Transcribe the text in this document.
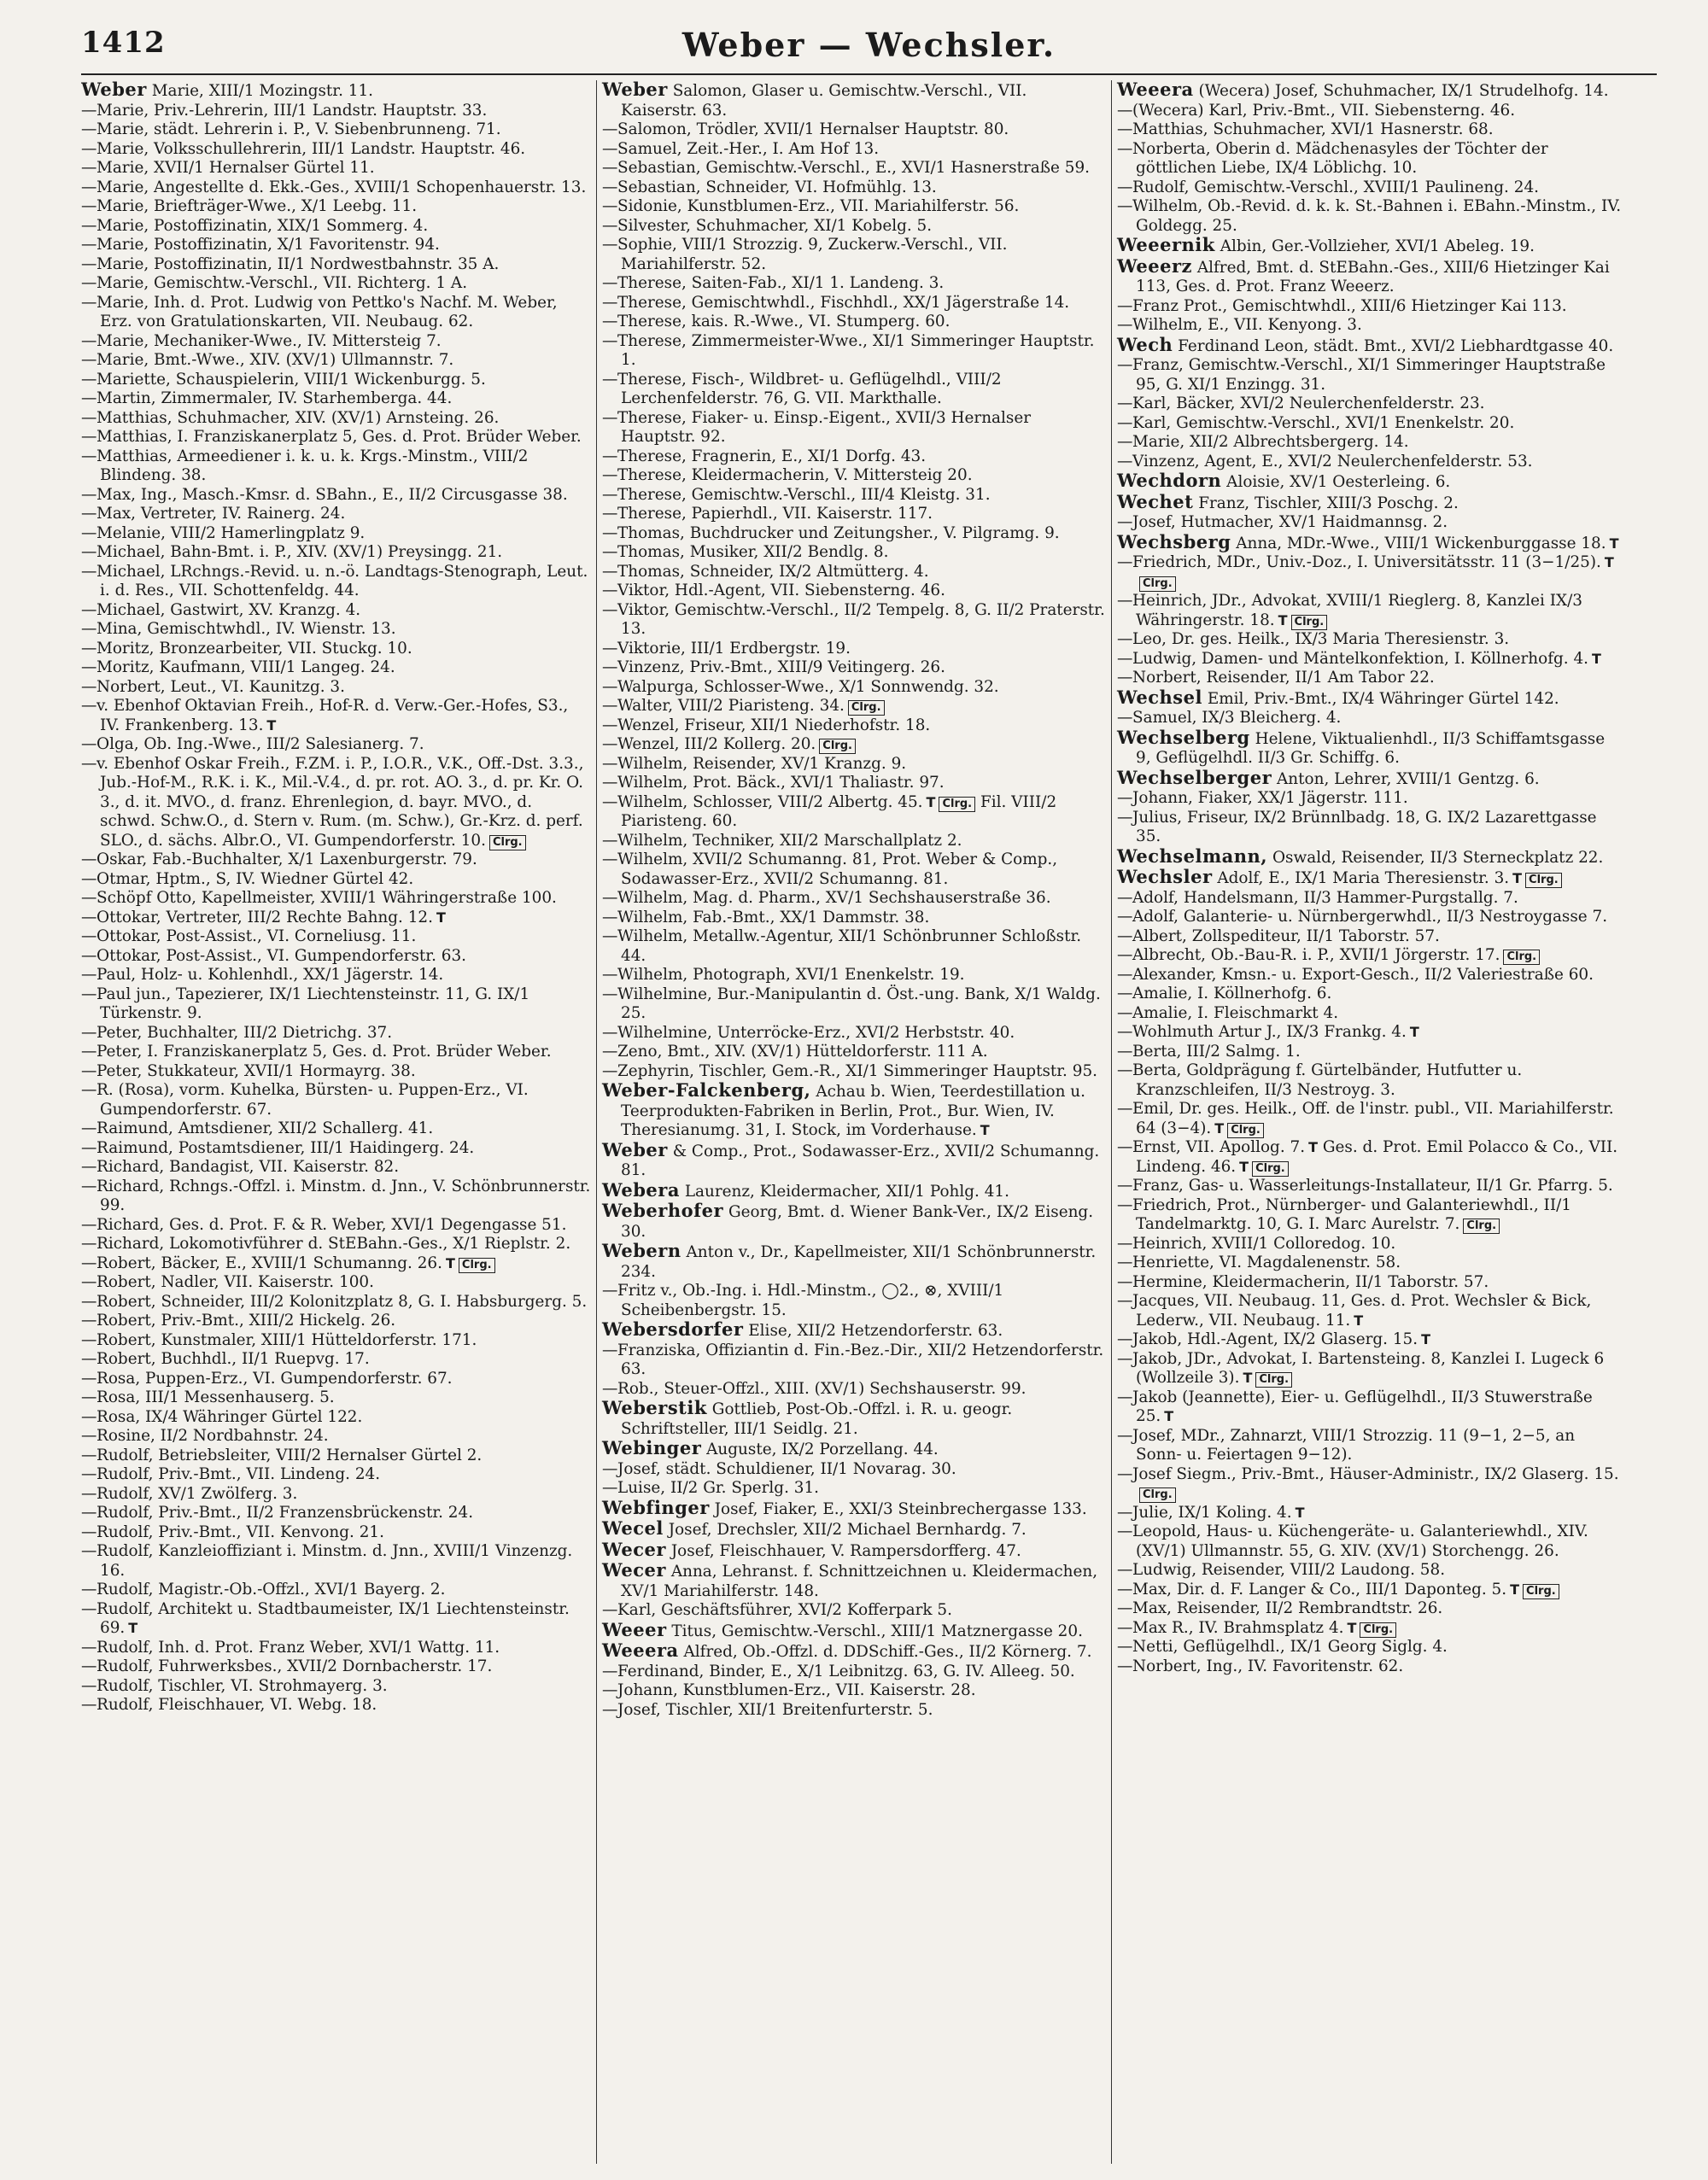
1412	Weber — Wechsler.

Weber Marie, XIII/1 Mozingstr. 11.

—Marie, Priv.-Lehrerin, III/1 Landstr. Hauptstr. 33.

—Marie, städt. Lehrerin i. P., V. Siebenbrunneng. 71.

—Marie, Volksschullehrerin, III/1 Landstr. Hauptstr. 46.

—Marie, XVII/1 Hernalser Gürtel 11.

—Marie, Angestellte d. Ekk.-Ges., XVIII/1 Schopenhauerstr. 13.

—Marie, Briefträger-Wwe., X/1 Leebg. 11.

—Marie, Postoffizinatin, XIX/1 Sommerg. 4.

—Marie, Postoffizinatin, X/1 Favoritenstr. 94.

—Marie, Postoffizinatin, II/1 Nordwestbahnstr. 35 A.

—Marie, Gemischtw.-Verschl., VII. Richterg. 1 A.

—Marie, Inh. d. Prot. Ludwig von Pettko's Nachf. M. Weber, Erz. von Gratulationskarten, VII. Neubaug. 62.

—Marie, Mechaniker-Wwe., IV. Mittersteig 7.

—Marie, Bmt.-Wwe., XIV. (XV/1) Ullmannstr. 7.

—Mariette, Schauspielerin, VIII/1 Wickenburgg. 5.

—Martin, Zimmermaler, IV. Starhemberga. 44.

—Matthias, Schuhmacher, XIV. (XV/1) Arnsteing. 26.

—Matthias, I. Franziskanerplatz 5, Ges. d. Prot. Brüder Weber.

—Matthias, Armeediener i. k. u. k. Krgs.-Minstm., VIII/2 Blindeng. 38.

—Max, Ing., Masch.-Kmsr. d. SBahn., E., II/2 Circusgasse 38.

—Max, Vertreter, IV. Rainerg. 24.

—Melanie, VIII/2 Hamerlingplatz 9.

—Michael, Bahn-Bmt. i. P., XIV. (XV/1) Preysingg. 21.

—Michael, LRchngs.-Revid. u. n.-ö. Landtags-Stenograph, Leut. i. d. Res., VII. Schottenfeldg. 44.

—Michael, Gastwirt, XV. Kranzg. 4.

—Mina, Gemischtwhdl., IV. Wienstr. 13.

—Moritz, Bronzearbeiter, VII. Stuckg. 10.

—Moritz, Kaufmann, VIII/1 Langeg. 24.

—Norbert, Leut., VI. Kaunitzg. 3.

—v. Ebenhof Oktavian Freih., Hof-R. d. Verw.-Ger.-Hofes, S3., IV. Frankenberg. 13. T

—Olga, Ob. Ing.-Wwe., III/2 Salesianerg. 7.

—v. Ebenhof Oskar Freih., F.ZM. i. P., I.O.R., V.K., Off.-Dst. 3.3., Jub.-Hof-M., R.K. i. K., Mil.-V.4., d. pr. rot. AO. 3., d. pr. Kr. O. 3., d. it. MVO., d. franz. Ehrenlegion, d. bayr. MVO., d. schwd. Schw.O., d. Stern v. Rum. (m. Schw.), Gr.-Krz. d. perf. SLO., d. sächs. Albr.O., VI. Gumpendorferstr. 10. Clrg.

—Oskar, Fab.-Buchhalter, X/1 Laxenburgerstr. 79.

—Otmar, Hptm., S, IV. Wiedner Gürtel 42.

—Schöpf Otto, Kapellmeister, XVIII/1 Währingerstraße 100.

—Ottokar, Vertreter, III/2 Rechte Bahng. 12. T

—Ottokar, Post-Assist., VI. Corneliusg. 11.

—Ottokar, Post-Assist., VI. Gumpendorferstr. 63.

—Paul, Holz- u. Kohlenhdl., XX/1 Jägerstr. 14.

—Paul jun., Tapezierer, IX/1 Liechtensteinstr. 11, G. IX/1 Türkenstr. 9.

—Peter, Buchhalter, III/2 Dietrichg. 37.

—Peter, I. Franziskanerplatz 5, Ges. d. Prot. Brüder Weber.

—Peter, Stukkateur, XVII/1 Hormayrg. 38.

—R. (Rosa), vorm. Kuhelka, Bürsten- u. Puppen-Erz., VI. Gumpendorferstr. 67.

—Raimund, Amtsdiener, XII/2 Schallerg. 41.

—Raimund, Postamtsdiener, III/1 Haidingerg. 24.

—Richard, Bandagist, VII. Kaiserstr. 82.

—Richard, Rchngs.-Offzl. i. Minstm. d. Jnn., V. Schönbrunnerstr. 99.

—Richard, Ges. d. Prot. F. & R. Weber, XVI/1 Degengasse 51.

—Richard, Lokomotivführer d. StEBahn.-Ges., X/1 Rieplstr. 2.

—Robert, Bäcker, E., XVIII/1 Schumanng. 26. T Clrg.

—Robert, Nadler, VII. Kaiserstr. 100.

—Robert, Schneider, III/2 Kolonitzplatz 8, G. I. Habsburgerg. 5.

—Robert, Priv.-Bmt., XIII/2 Hickelg. 26.

—Robert, Kunstmaler, XIII/1 Hütteldorferstr. 171.

—Robert, Buchhdl., II/1 Ruepvg. 17.

—Rosa, Puppen-Erz., VI. Gumpendorferstr. 67.

—Rosa, III/1 Messenhauserg. 5.

—Rosa, IX/4 Währinger Gürtel 122.

—Rosine, II/2 Nordbahnstr. 24.

—Rudolf, Betriebsleiter, VIII/2 Hernalser Gürtel 2.

—Rudolf, Priv.-Bmt., VII. Lindeng. 24.

—Rudolf, XV/1 Zwölferg. 3.

—Rudolf, Priv.-Bmt., II/2 Franzensbrückenstr. 24.

—Rudolf, Priv.-Bmt., VII. Kenvong. 21.

—Rudolf, Kanzleioffiziant i. Minstm. d. Jnn., XVIII/1 Vinzenzg. 16.

—Rudolf, Magistr.-Ob.-Offzl., XVI/1 Bayerg. 2.

—Rudolf, Architekt u. Stadtbaumeister, IX/1 Liechtensteinstr. 69. T

—Rudolf, Inh. d. Prot. Franz Weber, XVI/1 Wattg. 11.

—Rudolf, Fuhrwerksbes., XVII/2 Dornbacherstr. 17.

—Rudolf, Tischler, VI. Strohmayerg. 3.

—Rudolf, Fleischhauer, VI. Webg. 18.

Weber Salomon, Glaser u. Gemischtw.-Verschl., VII. Kaiserstr. 63.

—Salomon, Trödler, XVII/1 Hernalser Hauptstr. 80.

—Samuel, Zeit.-Her., I. Am Hof 13.

—Sebastian, Gemischtw.-Verschl., E., XVI/1 Hasnerstraße 59.

—Sebastian, Schneider, VI. Hofmühlg. 13.

—Sidonie, Kunstblumen-Erz., VII. Mariahilferstr. 56.

—Silvester, Schuhmacher, XI/1 Kobelg. 5.

—Sophie, VIII/1 Strozzig. 9, Zuckerw.-Verschl., VII. Mariahilferstr. 52.

—Therese, Saiten-Fab., XI/1 1. Landeng. 3.

—Therese, Gemischtwhdl., Fischhdl., XX/1 Jägerstraße 14.

—Therese, kais. R.-Wwe., VI. Stumperg. 60.

—Therese, Zimmermeister-Wwe., XI/1 Simmeringer Hauptstr. 1.

—Therese, Fisch-, Wildbret- u. Geflügelhdl., VIII/2 Lerchenfelderstr. 76, G. VII. Markthalle.

—Therese, Fiaker- u. Einsp.-Eigent., XVII/3 Hernalser Hauptstr. 92.

—Therese, Fragnerin, E., XI/1 Dorfg. 43.

—Therese, Kleidermacherin, V. Mittersteig 20.

—Therese, Gemischtw.-Verschl., III/4 Kleistg. 31.

—Therese, Papierhdl., VII. Kaiserstr. 117.

—Thomas, Buchdrucker und Zeitungsher., V. Pilgramg. 9.

—Thomas, Musiker, XII/2 Bendlg. 8.

—Thomas, Schneider, IX/2 Altmütterg. 4.

—Viktor, Hdl.-Agent, VII. Siebensterng. 46.

—Viktor, Gemischtw.-Verschl., II/2 Tempelg. 8, G. II/2 Praterstr. 13.

—Viktorie, III/1 Erdbergstr. 19.

—Vinzenz, Priv.-Bmt., XIII/9 Veitingerg. 26.

—Walpurga, Schlosser-Wwe., X/1 Sonnwendg. 32.

—Walter, VIII/2 Piaristeng. 34. Clrg.

—Wenzel, Friseur, XII/1 Niederhofstr. 18.

—Wenzel, III/2 Kollerg. 20. Clrg.

—Wilhelm, Reisender, XV/1 Kranzg. 9.

—Wilhelm, Prot. Bäck., XVI/1 Thaliastr. 97.

—Wilhelm, Schlosser, VIII/2 Albertg. 45. T Clrg. Fil. VIII/2 Piaristeng. 60.

—Wilhelm, Techniker, XII/2 Marschallplatz 2.

—Wilhelm, XVII/2 Schumanng. 81, Prot. Weber & Comp., Sodawasser-Erz., XVII/2 Schumanng. 81.

—Wilhelm, Mag. d. Pharm., XV/1 Sechshauserstraße 36.

—Wilhelm, Fab.-Bmt., XX/1 Dammstr. 38.

—Wilhelm, Metallw.-Agentur, XII/1 Schönbrunner Schloßstr. 44.

—Wilhelm, Photograph, XVI/1 Enenkelstr. 19.

—Wilhelmine, Bur.-Manipulantin d. Öst.-ung. Bank, X/1 Waldg. 25.

—Wilhelmine, Unterröcke-Erz., XVI/2 Herbststr. 40.

—Zeno, Bmt., XIV. (XV/1) Hütteldorferstr. 111 A.

—Zephyrin, Tischler, Gem.-R., XI/1 Simmeringer Hauptstr. 95.

Weber-Falckenberg, Achau b. Wien, Teerdestillation u. Teerprodukten-Fabriken in Berlin, Prot., Bur. Wien, IV. Theresianumg. 31, I. Stock, im Vorderhause. T

Weber & Comp., Prot., Sodawasser-Erz., XVII/2 Schumanng. 81.

Webera Laurenz, Kleidermacher, XII/1 Pohlg. 41.

Weberhofer Georg, Bmt. d. Wiener Bank-Ver., IX/2 Eiseng. 30.

Webern Anton v., Dr., Kapellmeister, XII/1 Schönbrunnerstr. 234.

—Fritz v., Ob.-Ing. i. Hdl.-Minstm., ◯2., ⊗, XVIII/1 Scheibenbergstr. 15.

Webersdorfer Elise, XII/2 Hetzendorferstr. 63.

—Franziska, Offiziantin d. Fin.-Bez.-Dir., XII/2 Hetzendorferstr. 63.

—Rob., Steuer-Offzl., XIII. (XV/1) Sechshauserstr. 99.

Weberstik Gottlieb, Post-Ob.-Offzl. i. R. u. geogr. Schriftsteller, III/1 Seidlg. 21.

Webinger Auguste, IX/2 Porzellang. 44.

—Josef, städt. Schuldiener, II/1 Novarag. 30.

—Luise, II/2 Gr. Sperlg. 31.

Webfinger Josef, Fiaker, E., XXI/3 Steinbrechergasse 133.

Wecel Josef, Drechsler, XII/2 Michael Bernhardg. 7.

Wecer Josef, Fleischhauer, V. Rampersdorfferg. 47.

Wecer Anna, Lehranst. f. Schnittzeichnen u. Kleidermachen, XV/1 Mariahilferstr. 148.

—Karl, Geschäftsführer, XVI/2 Kofferpark 5.

Weeer Titus, Gemischtw.-Verschl., XIII/1 Matznergasse 20.

Weeera Alfred, Ob.-Offzl. d. DDSchiff.-Ges., II/2 Körnerg. 7.

—Ferdinand, Binder, E., X/1 Leibnitzg. 63, G. IV. Alleeg. 50.

—Johann, Kunstblumen-Erz., VII. Kaiserstr. 28.

—Josef, Tischler, XII/1 Breitenfurterstr. 5.

Weeera (Wecera) Josef, Schuhmacher, IX/1 Strudelhofg. 14.

—(Wecera) Karl, Priv.-Bmt., VII. Siebensterng. 46.

—Matthias, Schuhmacher, XVI/1 Hasnerstr. 68.

—Norberta, Oberin d. Mädchenasyles der Töchter der göttlichen Liebe, IX/4 Löblichg. 10.

—Rudolf, Gemischtw.-Verschl., XVIII/1 Paulineng. 24.

—Wilhelm, Ob.-Revid. d. k. k. St.-Bahnen i. EBahn.-Minstm., IV. Goldegg. 25.

Weeernik Albin, Ger.-Vollzieher, XVI/1 Abeleg. 19.

Weeerz Alfred, Bmt. d. StEBahn.-Ges., XIII/6 Hietzinger Kai 113, Ges. d. Prot. Franz Weeerz.

—Franz Prot., Gemischtwhdl., XIII/6 Hietzinger Kai 113.

—Wilhelm, E., VII. Kenyong. 3.

Wech Ferdinand Leon, städt. Bmt., XVI/2 Liebhardtgasse 40.

—Franz, Gemischtw.-Verschl., XI/1 Simmeringer Hauptstraße 95, G. XI/1 Enzingg. 31.

—Karl, Bäcker, XVI/2 Neulerchenfelderstr. 23.

—Karl, Gemischtw.-Verschl., XVI/1 Enenkelstr. 20.

—Marie, XII/2 Albrechtsbergerg. 14.

—Vinzenz, Agent, E., XVI/2 Neulerchenfelderstr. 53.

Wechdorn Aloisie, XV/1 Oesterleing. 6.

Wechet Franz, Tischler, XIII/3 Poschg. 2.

—Josef, Hutmacher, XV/1 Haidmannsg. 2.

Wechsberg Anna, MDr.-Wwe., VIII/1 Wickenburggasse 18. T

—Friedrich, MDr., Univ.-Doz., I. Universitätsstr. 11 (3−1/25). TClrg.

—Heinrich, JDr., Advokat, XVIII/1 Rieglerg. 8, Kanzlei IX/3 Währingerstr. 18. T Clrg.

—Leo, Dr. ges. Heilk., IX/3 Maria Theresienstr. 3.

—Ludwig, Damen- und Mäntelkonfektion, I. Köllnerhofg. 4. T

—Norbert, Reisender, II/1 Am Tabor 22.

Wechsel Emil, Priv.-Bmt., IX/4 Währinger Gürtel 142.

—Samuel, IX/3 Bleicherg. 4.

Wechselberg Helene, Viktualienhdl., II/3 Schiffamtsgasse 9, Geflügelhdl. II/3 Gr. Schiffg. 6.

Wechselberger Anton, Lehrer, XVIII/1 Gentzg. 6.

—Johann, Fiaker, XX/1 Jägerstr. 111.

—Julius, Friseur, IX/2 Brünnlbadg. 18, G. IX/2 Lazarettgasse 35.

Wechselmann, Oswald, Reisender, II/3 Sterneckplatz 22.

Wechsler Adolf, E., IX/1 Maria Theresienstr. 3. T Clrg.

—Adolf, Handelsmann, II/3 Hammer-Purgstallg. 7.

—Adolf, Galanterie- u. Nürnbergerwhdl., II/3 Nestroygasse 7.

—Albert, Zollspediteur, II/1 Taborstr. 57.

—Albrecht, Ob.-Bau-R. i. P., XVII/1 Jörgerstr. 17. Clrg.

—Alexander, Kmsn.- u. Export-Gesch., II/2 Valeriestraße 60.

—Amalie, I. Köllnerhofg. 6.

—Amalie, I. Fleischmarkt 4.

—Wohlmuth Artur J., IX/3 Frankg. 4. T

—Berta, III/2 Salmg. 1.

—Berta, Goldprägung f. Gürtelbänder, Hutfutter u. Kranzschleifen, II/3 Nestroyg. 3.

—Emil, Dr. ges. Heilk., Off. de l'instr. publ., VII. Mariahilferstr. 64 (3−4). T Clrg.

—Ernst, VII. Apollog. 7. T Ges. d. Prot. Emil Polacco & Co., VII. Lindeng. 46. T Clrg.

—Franz, Gas- u. Wasserleitungs-Installateur, II/1 Gr. Pfarrg. 5.

—Friedrich, Prot., Nürnberger- und Galanteriewhdl., II/1 Tandelmarktg. 10, G. I. Marc Aurelstr. 7. Clrg.

—Heinrich, XVIII/1 Colloredog. 10.

—Henriette, VI. Magdalenenstr. 58.

—Hermine, Kleidermacherin, II/1 Taborstr. 57.

—Jacques, VII. Neubaug. 11, Ges. d. Prot. Wechsler & Bick, Lederw., VII. Neubaug. 11. T

—Jakob, Hdl.-Agent, IX/2 Glaserg. 15. T

—Jakob, JDr., Advokat, I. Bartensteing. 8, Kanzlei I. Lugeck 6 (Wollzeile 3). T Clrg.

—Jakob (Jeannette), Eier- u. Geflügelhdl., II/3 Stuwerstraße 25. T

—Josef, MDr., Zahnarzt, VIII/1 Strozzig. 11 (9−1, 2−5, an Sonn- u. Feiertagen 9−12).

—Josef Siegm., Priv.-Bmt., Häuser-Administr., IX/2 Glaserg. 15.Clrg.

—Julie, IX/1 Koling. 4. T

—Leopold, Haus- u. Küchengeräte- u. Galanteriewhdl., XIV. (XV/1) Ullmannstr. 55, G. XIV. (XV/1) Storchengg. 26.

—Ludwig, Reisender, VIII/2 Laudong. 58.

—Max, Dir. d. F. Langer & Co., III/1 Daponteg. 5. T Clrg.

—Max, Reisender, II/2 Rembrandtstr. 26.

—Max R., IV. Brahmsplatz 4. T Clrg.

—Netti, Geflügelhdl., IX/1 Georg Siglg. 4.

—Norbert, Ing., IV. Favoritenstr. 62.
